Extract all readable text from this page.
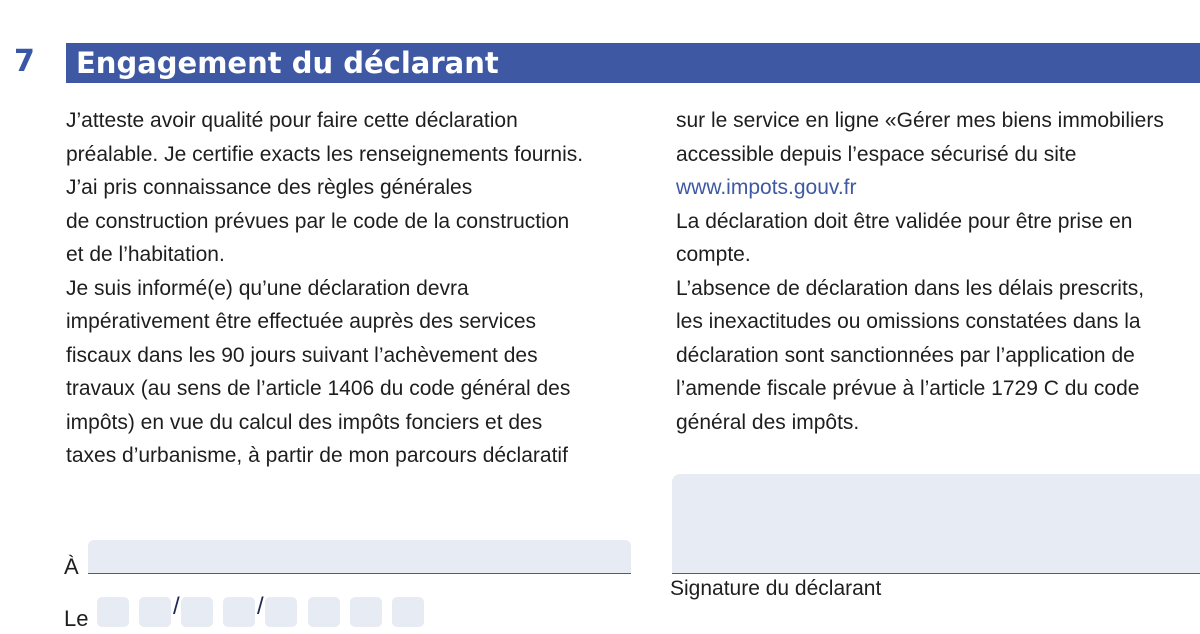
7 Engagement du déclarant
J’atteste avoir qualité pour faire cette déclaration
préalable. Je certifie exacts les renseignements fournis.
J’ai pris connaissance des règles générales
de construction prévues par le code de la construction
et de l’habitation.
Je suis informé(e) qu’une déclaration devra
impérativement être effectuée auprès des services
fiscaux dans les 90 jours suivant l’achèvement des
travaux (au sens de l’article 1406 du code général des
impôts) en vue du calcul des impôts fonciers et des
taxes d’urbanisme, à partir de mon parcours déclaratif
sur le service en ligne «Gérer mes biens immobiliers
accessible depuis l’espace sécurisé du site
www.impots.gouv.fr
La déclaration doit être validée pour être prise en
compte.
L’absence de déclaration dans les délais prescrits,
les inexactitudes ou omissions constatées dans la
déclaration sont sanctionnées par l’application de
l’amende fiscale prévue à l’article 1729 C du code
général des impôts.
À
Le	/	/
Signature du déclarant
